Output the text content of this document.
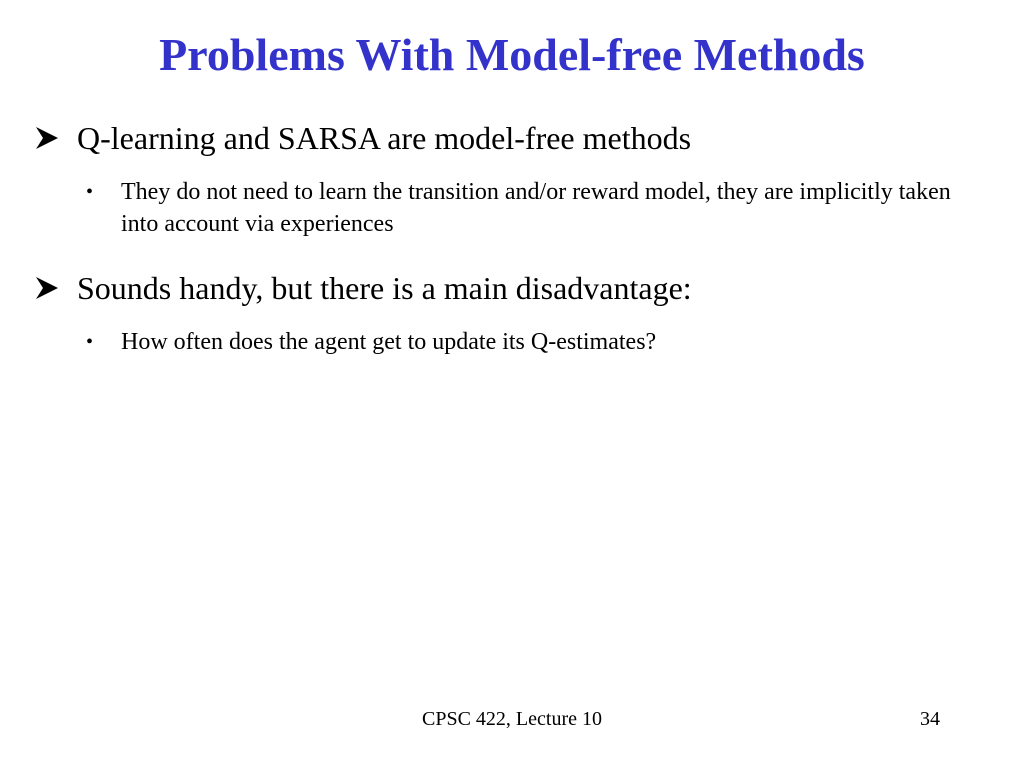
Problems With Model-free Methods
Q-learning and SARSA are model-free methods
• They do not need to learn the transition and/or reward model, they are implicitly taken into account via experiences
Sounds handy, but there is a main disadvantage:
• How often does the agent get to update its Q-estimates?
CPSC 422, Lecture 10	34
